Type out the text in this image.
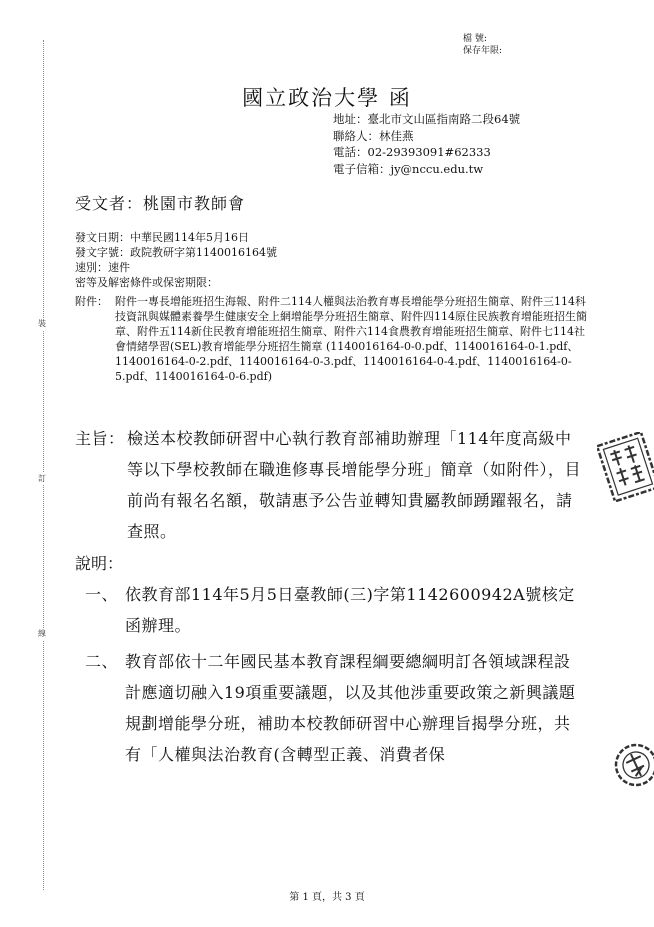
裝
訂
線
檔 號:
保存年限:
國立政治大學 函
地址：臺北市文山區指南路二段64號
聯絡人：林佳燕
電話：02-29393091#62333
電子信箱：jy@nccu.edu.tw
受文者：桃園市教師會
發文日期：中華民國114年5月16日
發文字號：政院教研字第1140016164號
速別：速件
密等及解密條件或保密期限：
附件： 附件一專長增能班招生海報、附件二114人權與法治教育專長增能學分班招生簡章、附件三114科技資訊與媒體素養學生健康安全上網增能學分班招生簡章、附件四114原住民族教育增能班招生簡章、附件五114新住民教育增能班招生簡章、附件六114食農教育增能班招生簡章、附件七114社會情緒學習(SEL)教育增能學分班招生簡章 (1140016164-0-0.pdf、1140016164-0-1.pdf、1140016164-0-2.pdf、1140016164-0-3.pdf、1140016164-0-4.pdf、1140016164-0-5.pdf、1140016164-0-6.pdf)
主旨： 檢送本校教師研習中心執行教育部補助辦理「114年度高級中等以下學校教師在職進修專長增能學分班」簡章（如附件），目前尚有報名名額，敬請惠予公告並轉知貴屬教師踴躍報名，請查照。
說明：
一、 依教育部114年5月5日臺教師(三)字第1142600942A號核定函辦理。
二、 教育部依十二年國民基本教育課程綱要總綱明訂各領域課程設計應適切融入19項重要議題，以及其他涉重要政策之新興議題規劃增能學分班，補助本校教師研習中心辦理旨揭學分班，共有「人權與法治教育(含轉型正義、消費者保
第 1 頁，共 3 頁
